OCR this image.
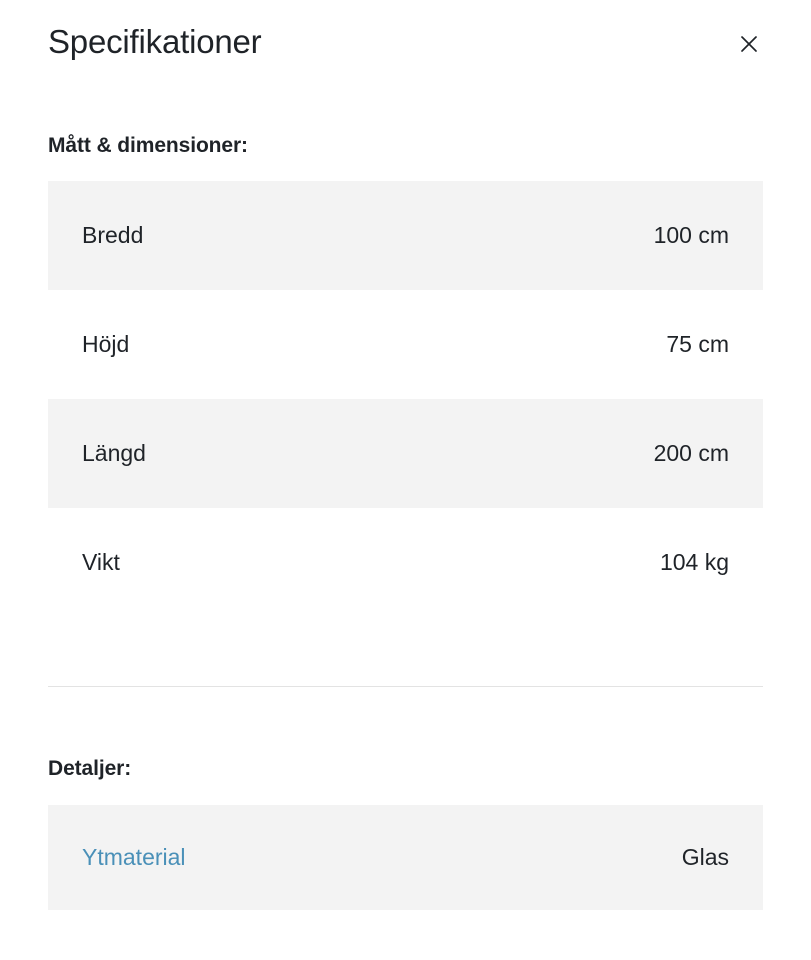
Specifikationer
Mått & dimensioner:
Bredd	100 cm
Höjd	75 cm
Längd	200 cm
Vikt	104 kg
Detaljer:
Ytmaterial	Glas
